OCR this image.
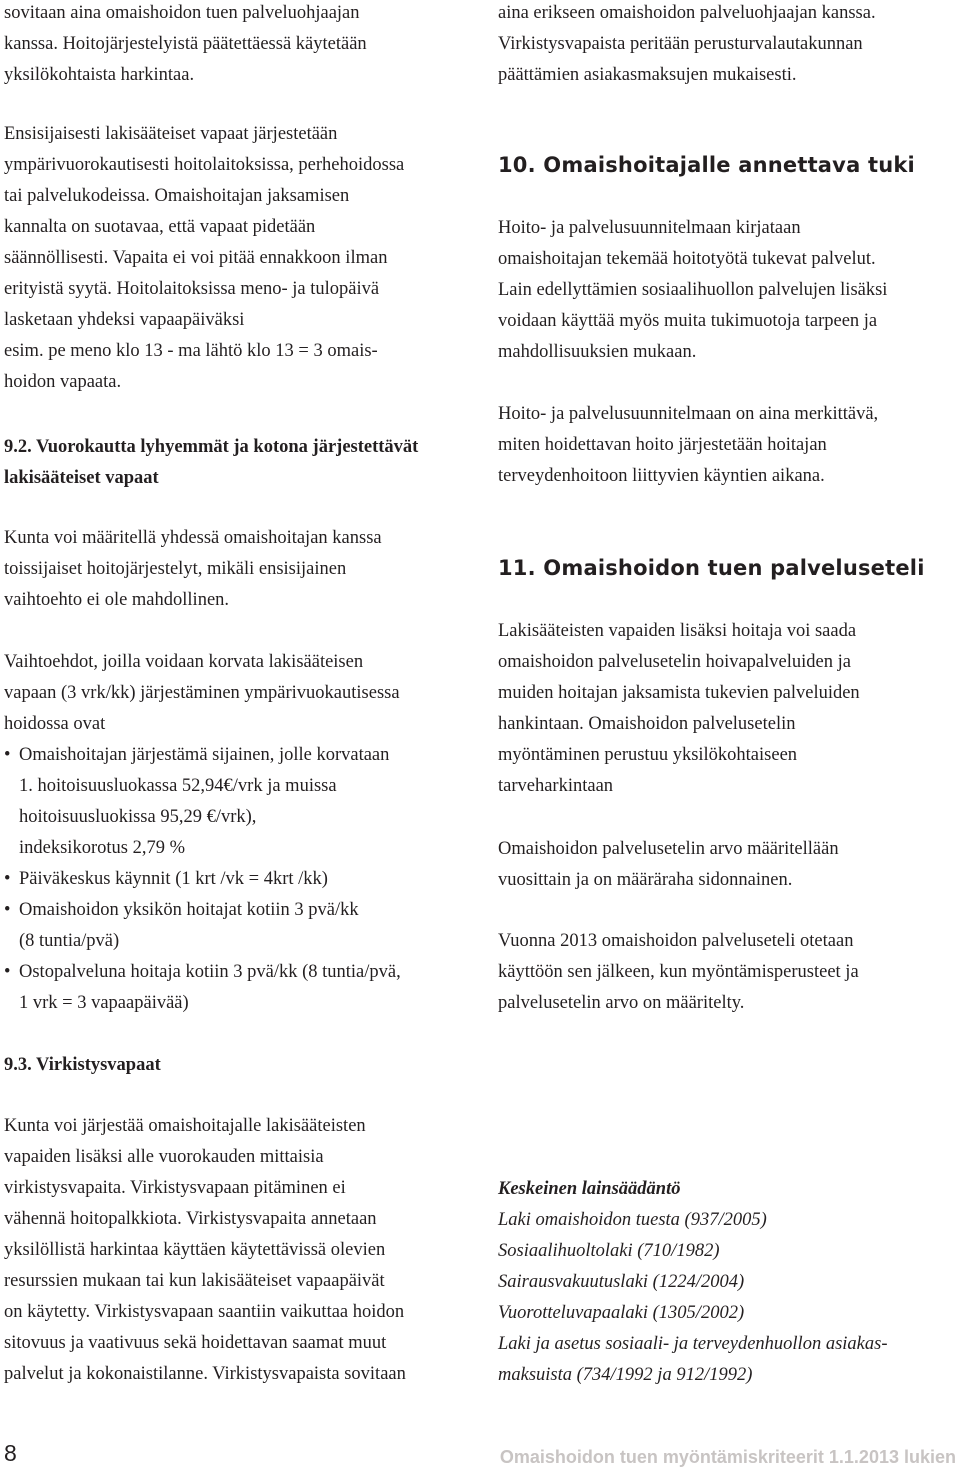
sovitaan aina omaishoidon tuen palveluohjaajan

kanssa. Hoitojärjestelyistä päätettäessä käytetään

yksilökohtaista harkintaa.

Ensisijaisesti lakisääteiset vapaat järjestetään

ympärivuorokautisesti hoitolaitoksissa, perhehoidossa

tai palvelukodeissa. Omaishoitajan jaksamisen

kannalta on suotavaa, että vapaat pidetään

säännöllisesti. Vapaita ei voi pitää ennakkoon ilman

erityistä syytä. Hoitolaitoksissa meno- ja tulopäivä

lasketaan yhdeksi vapaapäiväksi

esim. pe meno klo 13 - ma lähtö klo 13 = 3 omais-

hoidon vapaata.

9.2. Vuorokautta lyhyemmät ja kotona järjestettävät
lakisääteiset vapaat

Kunta voi määritellä yhdessä omaishoitajan kanssa

toissijaiset hoitojärjestelyt, mikäli ensisijainen

vaihtoehto ei ole mahdollinen.

Vaihtoehdot, joilla voidaan korvata lakisääteisen

vapaan (3 vrk/kk) järjestäminen ympärivuokautisessa

hoidossa ovat

• Omaishoitajan järjestämä sijainen, jolle korvataan
1. hoitoisuusluokassa 52,94€/vrk ja muissa
hoitoisuusluokissa 95,29 €/vrk),
indeksikorotus 2,79 %
• Päiväkeskus käynnit (1 krt /vk = 4krt /kk)
• Omaishoidon yksikön hoitajat kotiin 3 pvä/kk
(8 tuntia/pvä)
• Ostopalveluna hoitaja kotiin 3 pvä/kk (8 tuntia/pvä,
1 vrk = 3 vapaapäivää)
9.3. Virkistysvapaat

Kunta voi järjestää omaishoitajalle lakisääteisten

vapaiden lisäksi alle vuorokauden mittaisia

virkistysvapaita. Virkistysvapaan pitäminen ei

vähennä hoitopalkkiota. Virkistysvapaita annetaan

yksilöllistä harkintaa käyttäen käytettävissä olevien

resurssien mukaan tai kun lakisääteiset vapaapäivät

on käytetty. Virkistysvapaan saantiin vaikuttaa hoidon

sitovuus ja vaativuus sekä hoidettavan saamat muut

palvelut ja kokonaistilanne. Virkistysvapaista sovitaan

aina erikseen omaishoidon palveluohjaajan kanssa.

Virkistysvapaista peritään perusturvalautakunnan

päättämien asiakasmaksujen mukaisesti.

10. Omaishoitajalle annettava tuki

Hoito- ja palvelusuunnitelmaan kirjataan

omaishoitajan tekemää hoitotyötä tukevat palvelut.

Lain edellyttämien sosiaalihuollon palvelujen lisäksi

voidaan käyttää myös muita tukimuotoja tarpeen ja

mahdollisuuksien mukaan.

Hoito- ja palvelusuunnitelmaan on aina merkittävä,

miten hoidettavan hoito järjestetään hoitajan

terveydenhoitoon liittyvien käyntien aikana.

11. Omaishoidon tuen palveluseteli

Lakisääteisten vapaiden lisäksi hoitaja voi saada

omaishoidon palvelusetelin hoivapalveluiden ja

muiden hoitajan jaksamista tukevien palveluiden

hankintaan. Omaishoidon palvelusetelin

myöntäminen perustuu yksilökohtaiseen

tarveharkintaan

Omaishoidon palvelusetelin arvo määritellään

vuosittain ja on määräraha sidonnainen.

Vuonna 2013 omaishoidon palveluseteli otetaan

käyttöön sen jälkeen, kun myöntämisperusteet ja

palvelusetelin arvo on määritelty.

Keskeinen lainsäädäntö

Laki omaishoidon tuesta (937/2005)

Sosiaalihuoltolaki (710/1982)

Sairausvakuutuslaki (1224/2004)

Vuorotteluvapaalaki (1305/2002)

Laki ja asetus sosiaali- ja terveydenhuollon asiakas-

maksuista (734/1992 ja 912/1992)

8	Omaishoidon tuen myöntämiskriteerit 1.1.2013 lukien
